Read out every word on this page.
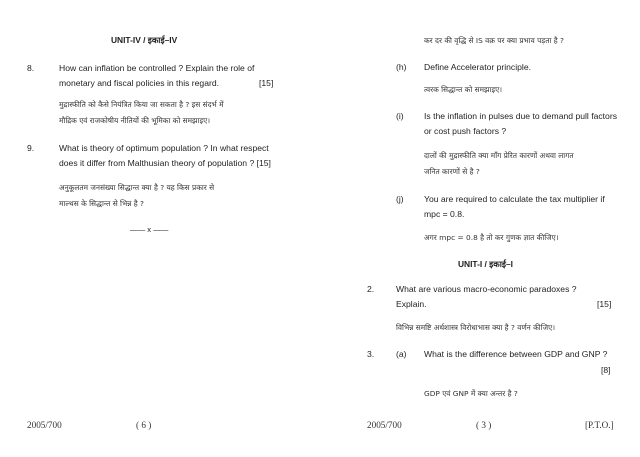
UNIT-IV / इकाई–IV
8.	How can inflation be controlled ? Explain the role of
monetary and fiscal policies in this regard.	[15]
मुद्रास्फीति को कैसे नियंत्रित किया जा सकता है ? इस संदर्भ में
मौद्रिक एवं राजकोषीय नीतियों की भूमिका को समझाइए।
9.	What is theory of optimum population ? In what respect
does it differ from Malthusian theory of population ? [15]
अनुकूलतम जनसंख्या सिद्धान्त क्या है ? यह किस प्रकार से
माल्थस के सिद्धान्त से भिन्न है ?
—— x ——
2005/700	( 6 )
कर दर की वृद्धि से IS वक्र पर क्या प्रभाव पड़ता है ?
(h) Define Accelerator principle.
त्वरक सिद्धान्त को समझाइए।
(i) Is the inflation in pulses due to demand pull factors
or cost push factors ?
दालों की मुद्रास्फीति क्या माँग प्रेरित कारणों अथवा लागत
जनित कारणों से है ?
(j) You are required to calculate the tax multiplier if
mpc = 0.8.
अगर mpc = 0.8 है तो कर गुणक ज्ञात कीजिए।
UNIT-I / इकाई–I
2.	What are various macro-economic paradoxes ?
Explain.	[15]
विभिन्न समष्टि अर्थशास्त्र विरोधाभास क्या है ? वर्णन कीजिए।
3.	(a) What is the difference between GDP and GNP ?
[8]
GDP एवं GNP में क्या अन्तर है ?
2005/700	( 3 )	[P.T.O.]
